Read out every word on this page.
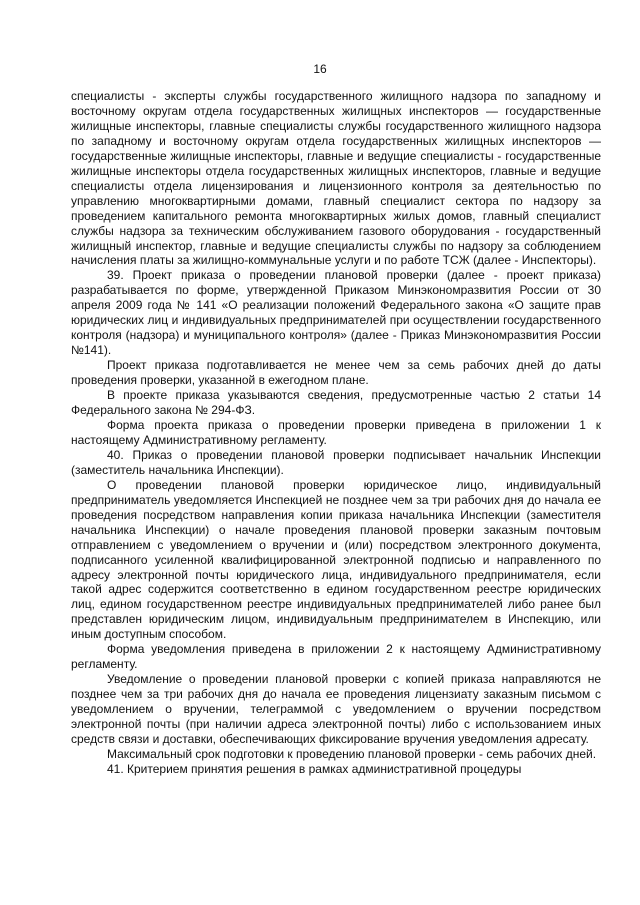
16

специалисты - эксперты службы государственного жилищного надзора по западному и восточному округам отдела государственных жилищных инспекторов — государственные жилищные инспекторы, главные специалисты службы государственного жилищного надзора по западному и восточному округам отдела государственных жилищных инспекторов — государственные жилищные инспекторы, главные и ведущие специалисты - государственные жилищные инспекторы отдела государственных жилищных инспекторов, главные и ведущие специалисты отдела лицензирования и лицензионного контроля за деятельностью по управлению многоквартирными домами, главный специалист сектора по надзору за проведением капитального ремонта многоквартирных жилых домов, главный специалист службы надзора за техническим обслуживанием газового оборудования - государственный жилищный инспектор, главные и ведущие специалисты службы по надзору за соблюдением начисления платы за жилищно-коммунальные услуги и по работе ТСЖ (далее - Инспекторы).

39. Проект приказа о проведении плановой проверки (далее - проект приказа) разрабатывается по форме, утвержденной Приказом Минэкономразвития России от 30 апреля 2009 года № 141 «О реализации положений Федерального закона «О защите прав юридических лиц и индивидуальных предпринимателей при осуществлении государственного контроля (надзора) и муниципального контроля» (далее - Приказ Минэкономразвития России №141).

Проект приказа подготавливается не менее чем за семь рабочих дней до даты проведения проверки, указанной в ежегодном плане.

В проекте приказа указываются сведения, предусмотренные частью 2 статьи 14 Федерального закона № 294-ФЗ.

Форма проекта приказа о проведении проверки приведена в приложении 1 к настоящему Административному регламенту.

40. Приказ о проведении плановой проверки подписывает начальник Инспекции (заместитель начальника Инспекции).

О проведении плановой проверки юридическое лицо, индивидуальный предприниматель уведомляется Инспекцией не позднее чем за три рабочих дня до начала ее проведения посредством направления копии приказа начальника Инспекции (заместителя начальника Инспекции) о начале проведения плановой проверки заказным почтовым отправлением с уведомлением о вручении и (или) посредством электронного документа, подписанного усиленной квалифицированной электронной подписью и направленного по адресу электронной почты юридического лица, индивидуального предпринимателя, если такой адрес содержится соответственно в едином государственном реестре юридических лиц, едином государственном реестре индивидуальных предпринимателей либо ранее был представлен юридическим лицом, индивидуальным предпринимателем в Инспекцию, или иным доступным способом.

Форма уведомления приведена в приложении 2 к настоящему Административному регламенту.

Уведомление о проведении плановой проверки с копией приказа направляются не позднее чем за три рабочих дня до начала ее проведения лицензиату заказным письмом с уведомлением о вручении, телеграммой с уведомлением о вручении посредством электронной почты (при наличии адреса электронной почты) либо с использованием иных средств связи и доставки, обеспечивающих фиксирование вручения уведомления адресату.

Максимальный срок подготовки к проведению плановой проверки - семь рабочих дней.

41. Критерием принятия решения в рамках административной процедуры
